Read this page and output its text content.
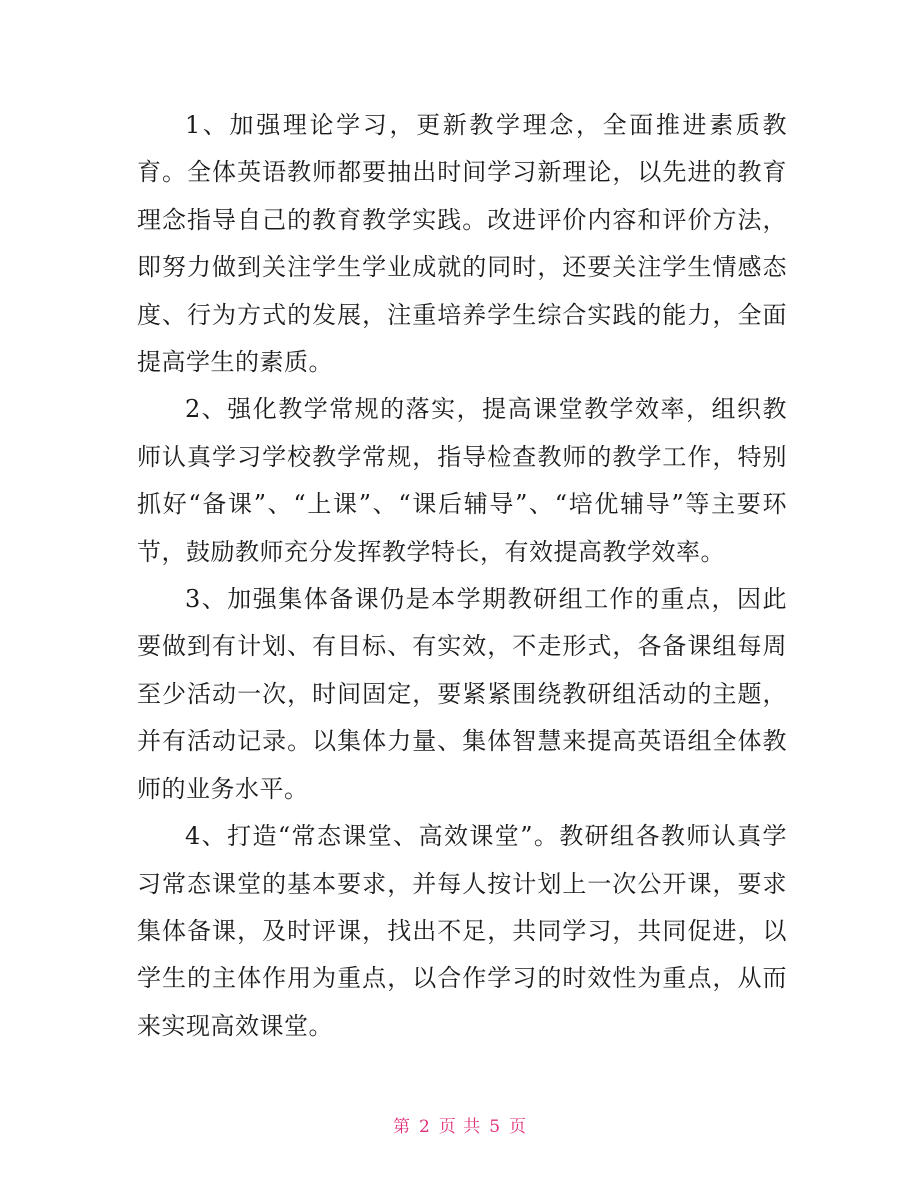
1、加强理论学习，更新教学理念，全面推进素质教育。全体英语教师都要抽出时间学习新理论，以先进的教育理念指导自己的教育教学实践。改进评价内容和评价方法，即努力做到关注学生学业成就的同时，还要关注学生情感态度、行为方式的发展，注重培养学生综合实践的能力，全面提高学生的素质。

2、强化教学常规的落实，提高课堂教学效率，组织教师认真学习学校教学常规，指导检查教师的教学工作，特别抓好“备课”、“上课”、“课后辅导”、“培优辅导”等主要环节，鼓励教师充分发挥教学特长，有效提高教学效率。

3、加强集体备课仍是本学期教研组工作的重点，因此要做到有计划、有目标、有实效，不走形式，各备课组每周至少活动一次，时间固定，要紧紧围绕教研组活动的主题，并有活动记录。以集体力量、集体智慧来提高英语组全体教师的业务水平。

4、打造“常态课堂、高效课堂”。教研组各教师认真学习常态课堂的基本要求，并每人按计划上一次公开课，要求集体备课，及时评课，找出不足，共同学习，共同促进，以学生的主体作用为重点，以合作学习的时效性为重点，从而来实现高效课堂。

第 2 页 共 5 页
